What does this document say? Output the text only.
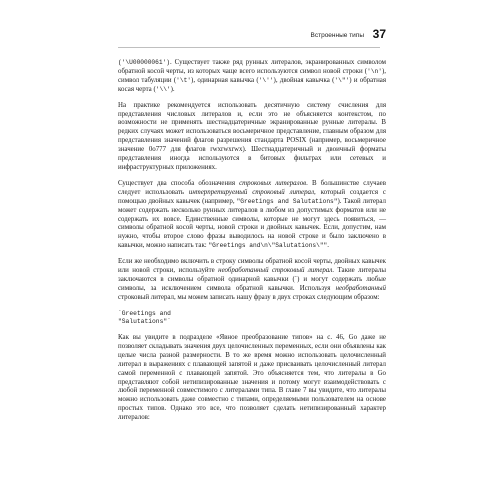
Встроенные типы 37

('\U00000061'). Существует также ряд рунных литералов, экранированных символом обратной косой черты, из которых чаще всего используются символ новой строки ('\n'), символ табуляции ('\t'), одинарная кавычка ('\''), двойная кавычка ('\"') и обратная косая черта ('\\').

На практике рекомендуется использовать десятичную систему счисления для представления числовых литералов и, если это не объясняется контекстом, по возможности не применять шестнадцатеричные экранированные рунные литералы. В редких случаях может использоваться восьмеричное представление, главным образом для представления значений флагов разрешения стандарта POSIX (например, восьмеричное значение 0o777 для флагов rwxrwxrwx). Шестнадцатеричный и двоичный форматы представления иногда используются в битовых фильтрах или сетевых и инфраструктурных приложениях.

Существует два способа обозначения строковых литералов. В большинстве случаев следует использовать интерпретируемый строковый литерал, который создается с помощью двойных кавычек (например, "Greetings and Salutations"). Такой литерал может содержать несколько рунных литералов в любом из допустимых форматов или не содержать их вовсе. Единственные символы, которые не могут здесь появиться, — символы обратной косой черты, новой строки и двойных кавычек. Если, допустим, нам нужно, чтобы второе слово фразы выводилось на новой строке и было заключено в кавычки, можно написать так: "Greetings and\n\"Salutations\"".

Если же необходимо включить в строку символы обратной косой черты, двойных кавычек или новой строки, используйте необработанный строковый литерал. Такие литералы заключаются в символы обратной одинарной кавычки (`) и могут содержать любые символы, за исключением символа обратной кавычки. Используя необработанный строковый литерал, мы можем записать нашу фразу в двух строках следующим образом:

`Greetings and
"Salutations"`

Как вы увидите в подразделе «Явное преобразование типов» на с. 46, Go даже не позволяет складывать значения двух целочисленных переменных, если они объявлены как целые числа разной размерности. В то же время можно использовать целочисленный литерал в выражениях с плавающей запятой и даже присваивать целочисленный литерал самой переменной с плавающей запятой. Это объясняется тем, что литералы в Go представляют собой нетипизированные значения и потому могут взаимодействовать с любой переменной совместимого с литералами типа. В главе 7 вы увидите, что литералы можно использовать даже совместно с типами, определяемыми пользователем на основе простых типов. Однако это все, что позволяет сделать нетипизированный характер литералов:
